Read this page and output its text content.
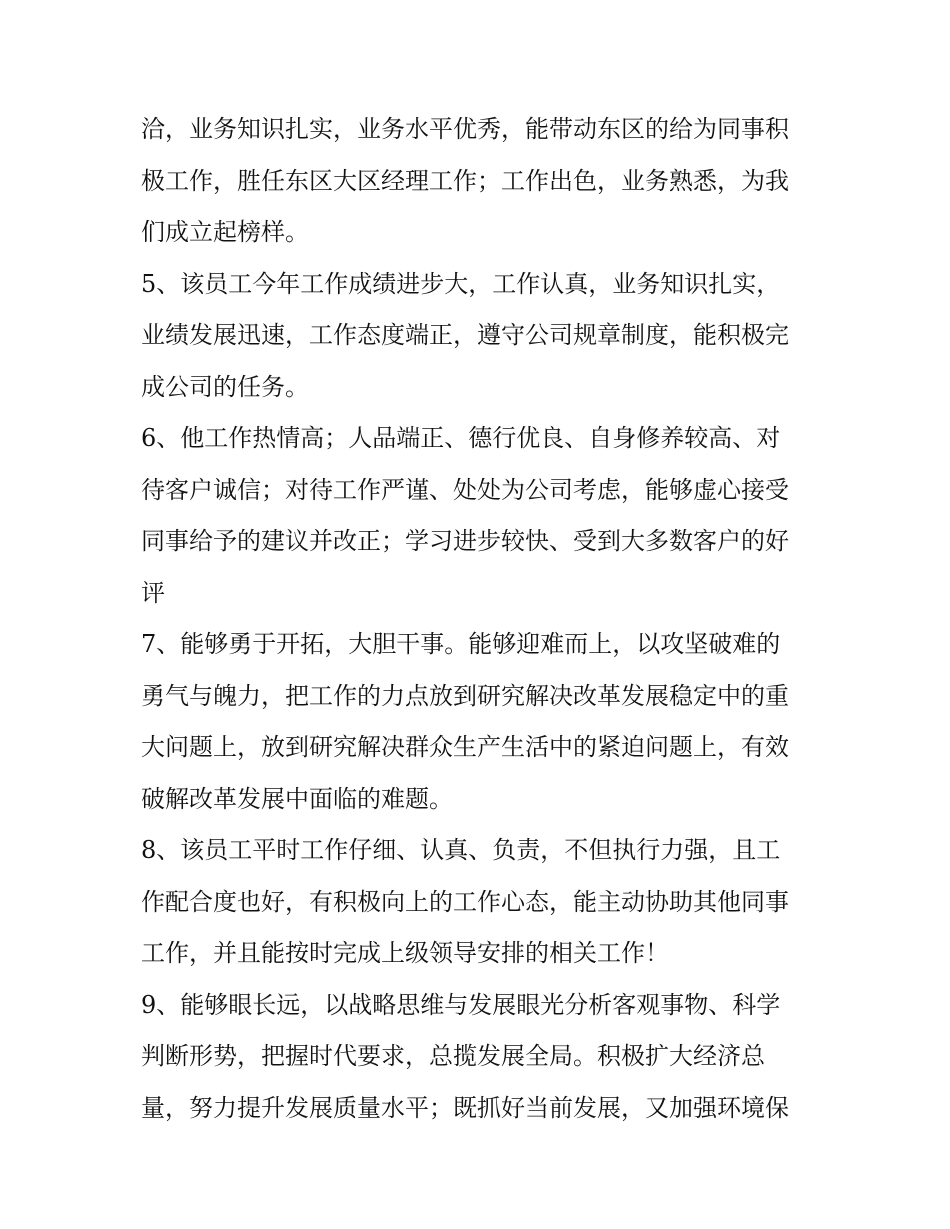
洽，业务知识扎实，业务水平优秀，能带动东区的给为同事积
极工作，胜任东区大区经理工作；工作出色，业务熟悉，为我
们成立起榜样。
5、该员工今年工作成绩进步大，工作认真，业务知识扎实，
业绩发展迅速，工作态度端正，遵守公司规章制度，能积极完
成公司的任务。
6、他工作热情高；人品端正、德行优良、自身修养较高、对
待客户诚信；对待工作严谨、处处为公司考虑，能够虚心接受
同事给予的建议并改正；学习进步较快、受到大多数客户的好
评
7、能够勇于开拓，大胆干事。能够迎难而上，以攻坚破难的
勇气与魄力，把工作的力点放到研究解决改革发展稳定中的重
大问题上，放到研究解决群众生产生活中的紧迫问题上，有效
破解改革发展中面临的难题。
8、该员工平时工作仔细、认真、负责，不但执行力强，且工
作配合度也好，有积极向上的工作心态，能主动协助其他同事
工作，并且能按时完成上级领导安排的相关工作！
9、能够眼长远，以战略思维与发展眼光分析客观事物、科学
判断形势，把握时代要求，总揽发展全局。积极扩大经济总
量，努力提升发展质量水平；既抓好当前发展，又加强环境保
